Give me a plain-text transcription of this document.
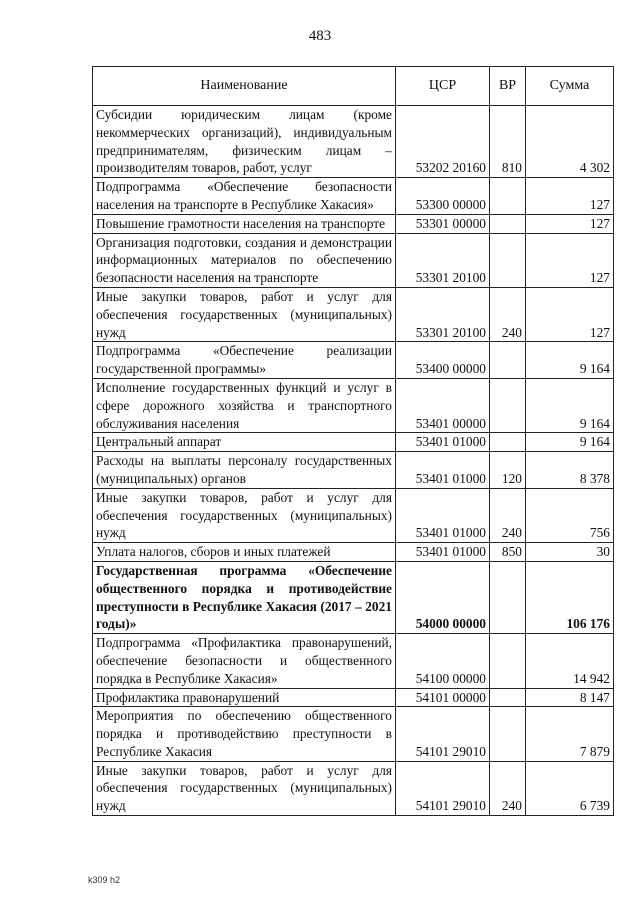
483
Наименование	ЦСР	ВР	Сумма
Субсидии юридическим лицам (кроме некоммерческих организаций), индивидуальным предпринимателям, физическим лицам – производителям товаров, работ, услуг	53202 20160	810	4 302
Подпрограмма «Обеспечение безопасности населения на транспорте в Республике Хакасия»	53300 00000		127
Повышение грамотности населения на транспорте	53301 00000		127
Организация подготовки, создания и демонстрации информационных материалов по обеспечению безопасности населения на транспорте	53301 20100		127
Иные закупки товаров, работ и услуг для обеспечения государственных (муниципальных) нужд	53301 20100	240	127
Подпрограмма «Обеспечение реализации государственной программы»	53400 00000		9 164
Исполнение государственных функций и услуг в сфере дорожного хозяйства и транспортного обслуживания населения	53401 00000		9 164
Центральный аппарат	53401 01000		9 164
Расходы на выплаты персоналу государственных (муниципальных) органов	53401 01000	120	8 378
Иные закупки товаров, работ и услуг для обеспечения государственных (муниципальных) нужд	53401 01000	240	756
Уплата налогов, сборов и иных платежей	53401 01000	850	30
Государственная программа «Обеспечение общественного порядка и противодействие преступности в Республике Хакасия (2017 – 2021 годы)»	54000 00000		106 176
Подпрограмма «Профилактика правонарушений, обеспечение безопасности и общественного порядка в Республике Хакасия»	54100 00000		14 942
Профилактика правонарушений	54101 00000		8 147
Мероприятия по обеспечению общественного порядка и противодействию преступности в Республике Хакасия	54101 29010		7 879
Иные закупки товаров, работ и услуг для обеспечения государственных (муниципальных) нужд	54101 29010	240	6 739
k309 h2
